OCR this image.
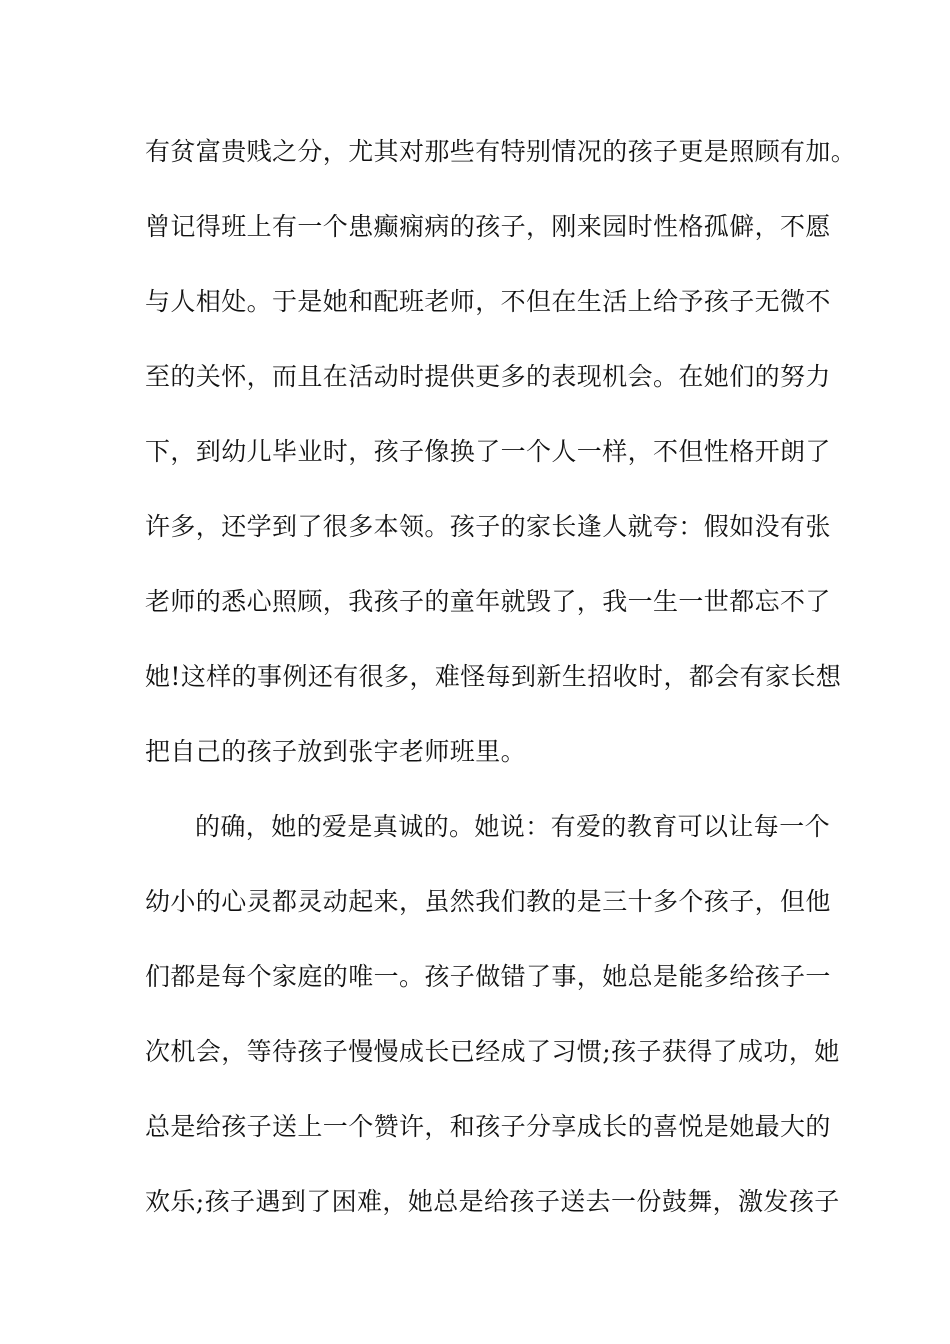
有贫富贵贱之分，尤其对那些有特别情况的孩子更是照顾有加。
曾记得班上有一个患癫痫病的孩子，刚来园时性格孤僻，不愿
与人相处。于是她和配班老师，不但在生活上给予孩子无微不
至的关怀，而且在活动时提供更多的表现机会。在她们的努力
下，到幼儿毕业时，孩子像换了一个人一样，不但性格开朗了
许多，还学到了很多本领。孩子的家长逢人就夸：假如没有张
老师的悉心照顾，我孩子的童年就毁了，我一生一世都忘不了
她!这样的事例还有很多，难怪每到新生招收时，都会有家长想
把自己的孩子放到张宇老师班里。
的确，她的爱是真诚的。她说：有爱的教育可以让每一个
幼小的心灵都灵动起来，虽然我们教的是三十多个孩子，但他
们都是每个家庭的唯一。孩子做错了事，她总是能多给孩子一
次机会，等待孩子慢慢成长已经成了习惯;孩子获得了成功，她
总是给孩子送上一个赞许，和孩子分享成长的喜悦是她最大的
欢乐;孩子遇到了困难，她总是给孩子送去一份鼓舞，激发孩子
